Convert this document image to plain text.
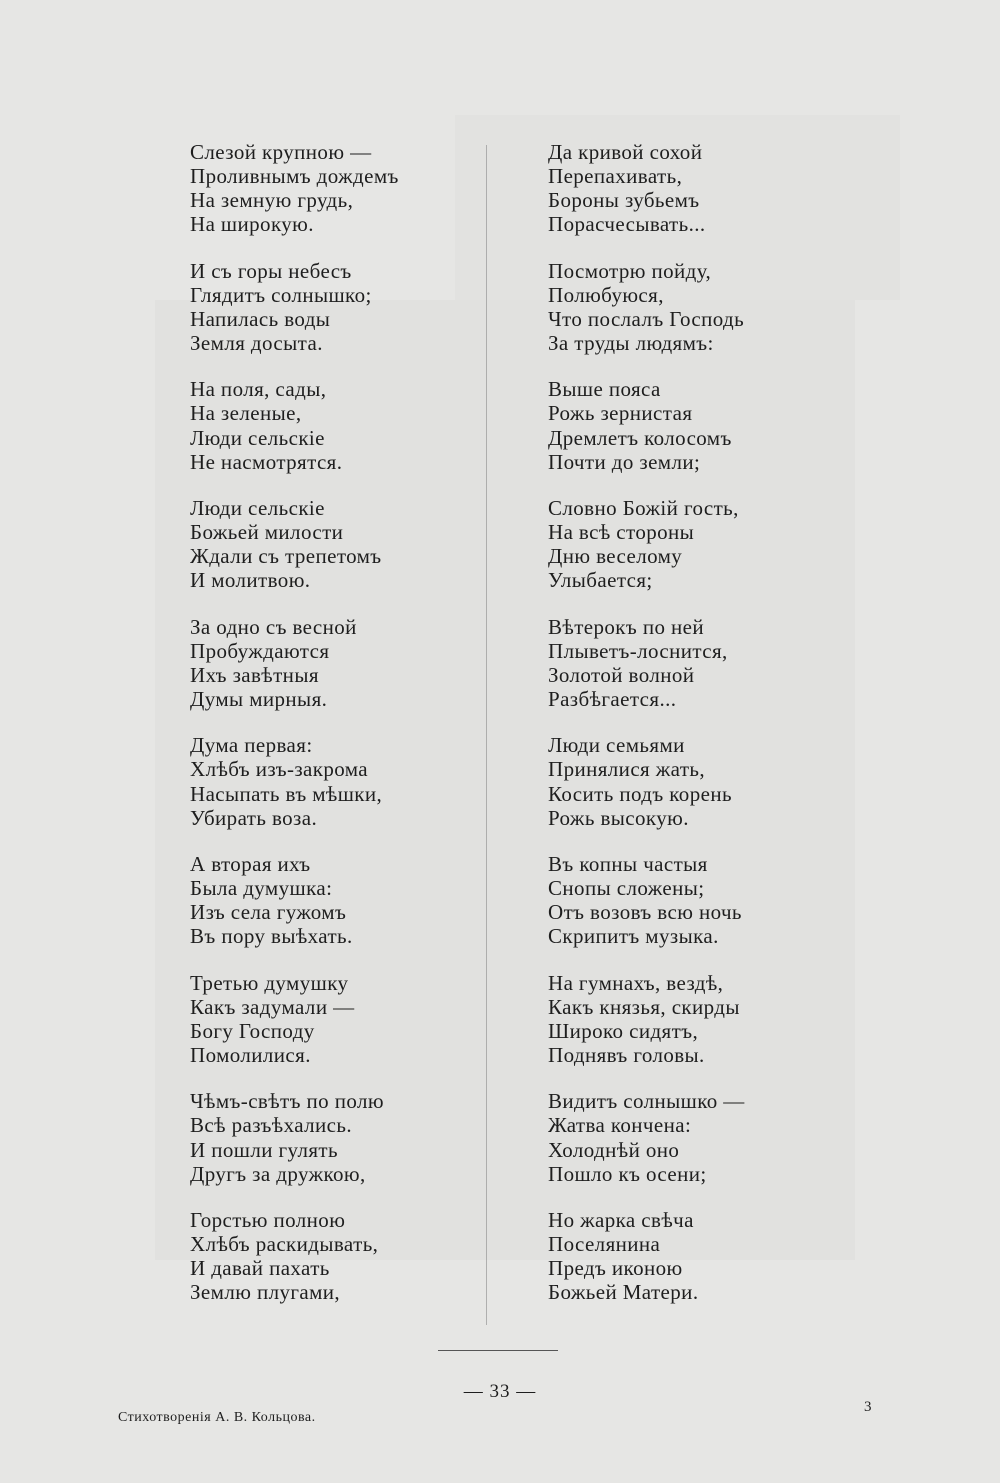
Слезой крупною —
Проливнымъ дождемъ
На земную грудь,
На широкую.
И съ горы небесъ
Глядитъ солнышко;
Напилась воды
Земля досыта.
На поля, сады,
На зеленые,
Люди сельскіе
Не насмотрятся.
Люди сельскіе
Божьей милости
Ждали съ трепетомъ
И молитвою.
За одно съ весной
Пробуждаются
Ихъ завѣтныя
Думы мирныя.
Дума первая:
Хлѣбъ изъ-закрома
Насыпать въ мѣшки,
Убирать воза.
А вторая ихъ
Была думушка:
Изъ села гужомъ
Въ пору выѣхать.
Третью думушку
Какъ задумали —
Богу Господу
Помолилися.
Чѣмъ-свѣтъ по полю
Всѣ разъѣхались.
И пошли гулять
Другъ за дружкою,
Горстью полною
Хлѣбъ раскидывать,
И давай пахать
Землю плугами,
Да кривой сохой
Перепахивать,
Бороны зубьемъ
Порасчесывать...
Посмотрю пойду,
Полюбуюся,
Что послалъ Господь
За труды людямъ:
Выше пояса
Рожь зернистая
Дремлетъ колосомъ
Почти до земли;
Словно Божій гость,
На всѣ стороны
Дню веселому
Улыбается;
Вѣтерокъ по ней
Плыветъ-лоснится,
Золотой волной
Разбѣгается...
Люди семьями
Принялися жать,
Косить подъ корень
Рожь высокую.
Въ копны частыя
Снопы сложены;
Отъ возовъ всю ночь
Скрипитъ музыка.
На гумнахъ, вездѣ,
Какъ князья, скирды
Широко сидятъ,
Поднявъ головы.
Видитъ солнышко —
Жатва кончена:
Холоднѣй оно
Пошло къ осени;
Но жарка свѣча
Поселянина
Предъ иконою
Божьей Матери.
— 33 —
Стихотворенія А. В. Кольцова.
3
